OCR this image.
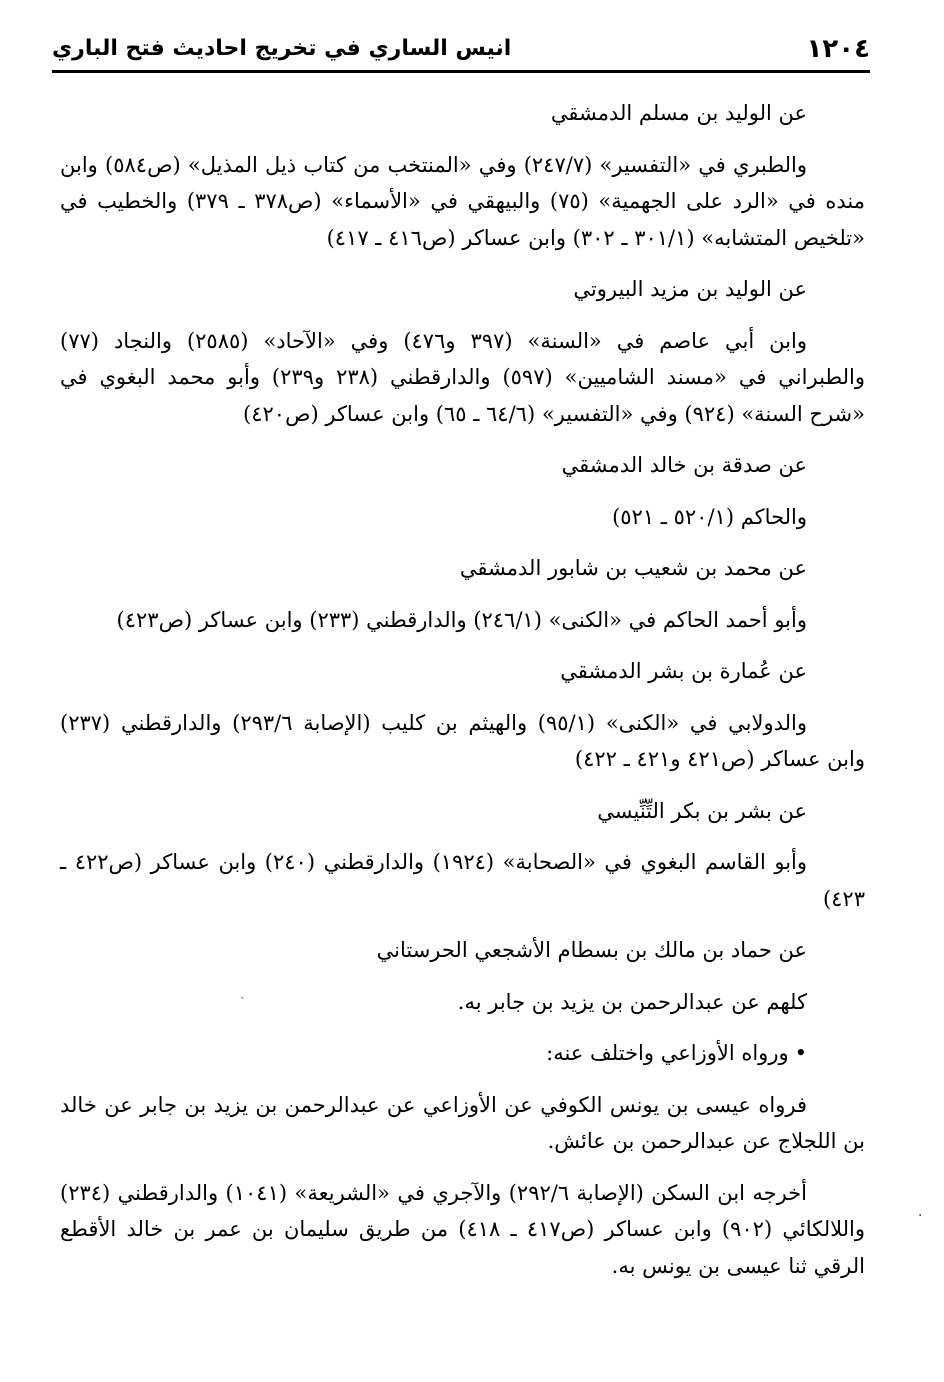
١٢٠٤
انيس الساري في تخريج احاديث فتح الباري

عن الوليد بن مسلم الدمشقي

والطبري في «التفسير» (٢٤٧/٧) وفي «المنتخب من كتاب ذيل المذيل» (ص٥٨٤) وابن منده في «الرد على الجهمية» (٧٥) والبيهقي في «الأسماء» (ص٣٧٨ ـ ٣٧٩) والخطيب في «تلخيص المتشابه» (٣٠١/١ ـ ٣٠٢) وابن عساكر (ص٤١٦ ـ ٤١٧)

عن الوليد بن مزيد البيروتي

وابن أبي عاصم في «السنة» (٣٩٧ و٤٧٦) وفي «الآحاد» (٢٥٨٥) والنجاد (٧٧) والطبراني في «مسند الشاميين» (٥٩٧) والدارقطني (٢٣٨ و٢٣٩) وأبو محمد البغوي في «شرح السنة» (٩٢٤) وفي «التفسير» (٦٤/٦ ـ ٦٥) وابن عساكر (ص٤٢٠)

عن صدقة بن خالد الدمشقي

والحاكم (٥٢٠/١ ـ ٥٢١)

عن محمد بن شعيب بن شابور الدمشقي

وأبو أحمد الحاكم في «الكنى» (٢٤٦/١) والدارقطني (٢٣٣) وابن عساكر (ص٤٢٣)

عن عُمارة بن بشر الدمشقي

والدولابي في «الكنى» (٩٥/١) والهيثم بن كليب (الإصابة ٢٩٣/٦) والدارقطني (٢٣٧) وابن عساكر (ص٤٢١ و٤٢١ ـ ٤٢٢)

عن بشر بن بكر التِّنِّيسي

وأبو القاسم البغوي في «الصحابة» (١٩٢٤) والدارقطني (٢٤٠) وابن عساكر (ص٤٢٢ ـ ٤٢٣)

عن حماد بن مالك بن بسطام الأشجعي الحرستاني

كلهم عن عبدالرحمن بن يزيد بن جابر به.

•ورواه الأوزاعي واختلف عنه:

فرواه عيسى بن يونس الكوفي عن الأوزاعي عن عبدالرحمن بن يزيد بن جابر عن خالد بن اللجلاج عن عبدالرحمن بن عائش.

أخرجه ابن السكن (الإصابة ٢٩٢/٦) والآجري في «الشريعة» (١٠٤١) والدارقطني (٢٣٤) واللالكائي (٩٠٢) وابن عساكر (ص٤١٧ ـ ٤١٨) من طريق سليمان بن عمر بن خالد الأقطع الرقي ثنا عيسى بن يونس به.

·
ˏ
